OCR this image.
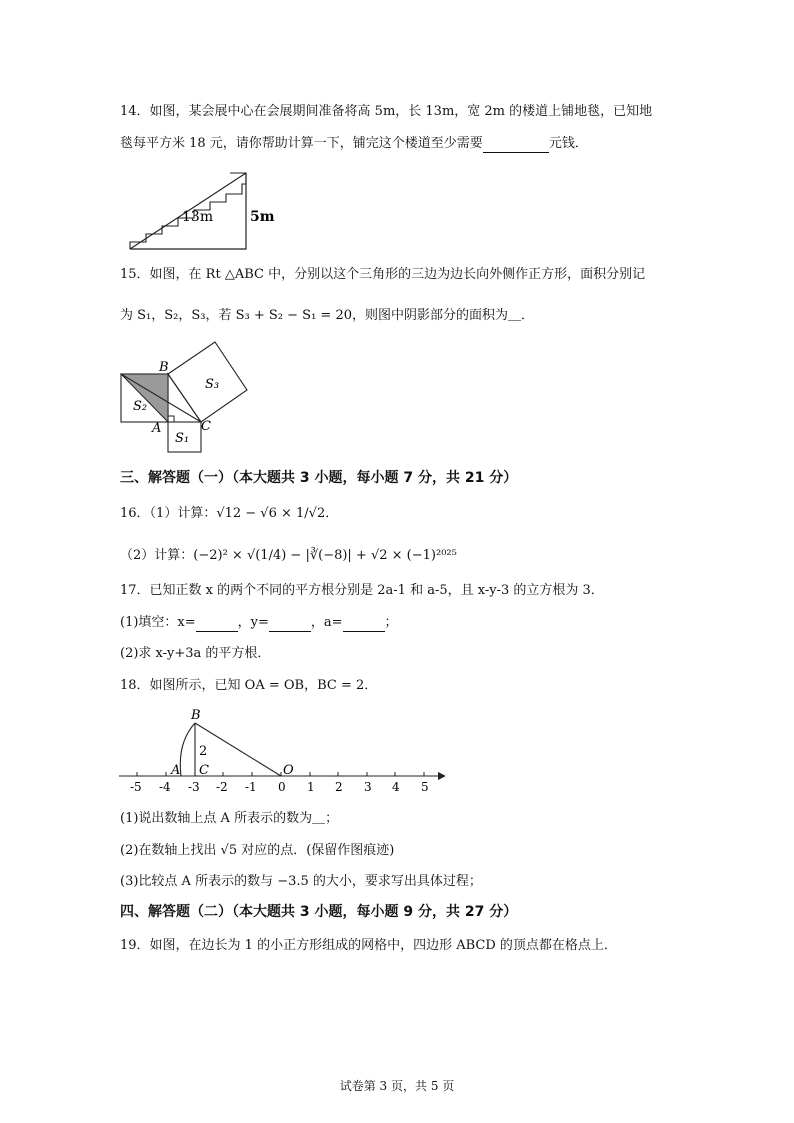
14．如图，某会展中心在会展期间准备将高 5m，长 13m，宽 2m 的楼道上铺地毯，已知地
毯每平方米 18 元，请你帮助计算一下，铺完这个楼道至少需要	元钱．
13m	5m
15．如图，在 Rt △ABC 中，分别以这个三角形的三边为边长向外侧作正方形，面积分别记
为 S₁，S₂，S₃，若 S₃ + S₂ − S₁ = 20，则图中阴影部分的面积为＿．
B
A	C
S₂
S₁
S₃
三、解答题（一）（本大题共 3 小题，每小题 7 分，共 21 分）
16．（1）计算：√12 − √6 × 1/√2．
（2）计算：(−2)² × √(1/4) − |∛(−8)| + √2 × (−1)²⁰²⁵
17．已知正数 x 的两个不同的平方根分别是 2a-1 和 a-5，且 x-y-3 的立方根为 3．
(1)填空：x=	，y=	，a=	；
(2)求 x-y+3a 的平方根．
18．如图所示，已知 OA = OB，BC = 2．
B
2
A C	O
-5 -4 -3 -2 -1 0 1 2 3 4 5
(1)说出数轴上点 A 所表示的数为＿；
(2)在数轴上找出 √5 对应的点．(保留作图痕迹)
(3)比较点 A 所表示的数与 −3.5 的大小，要求写出具体过程；
四、解答题（二）（本大题共 3 小题，每小题 9 分，共 27 分）
19．如图，在边长为 1 的小正方形组成的网格中，四边形 ABCD 的顶点都在格点上．
试卷第 3 页，共 5 页
